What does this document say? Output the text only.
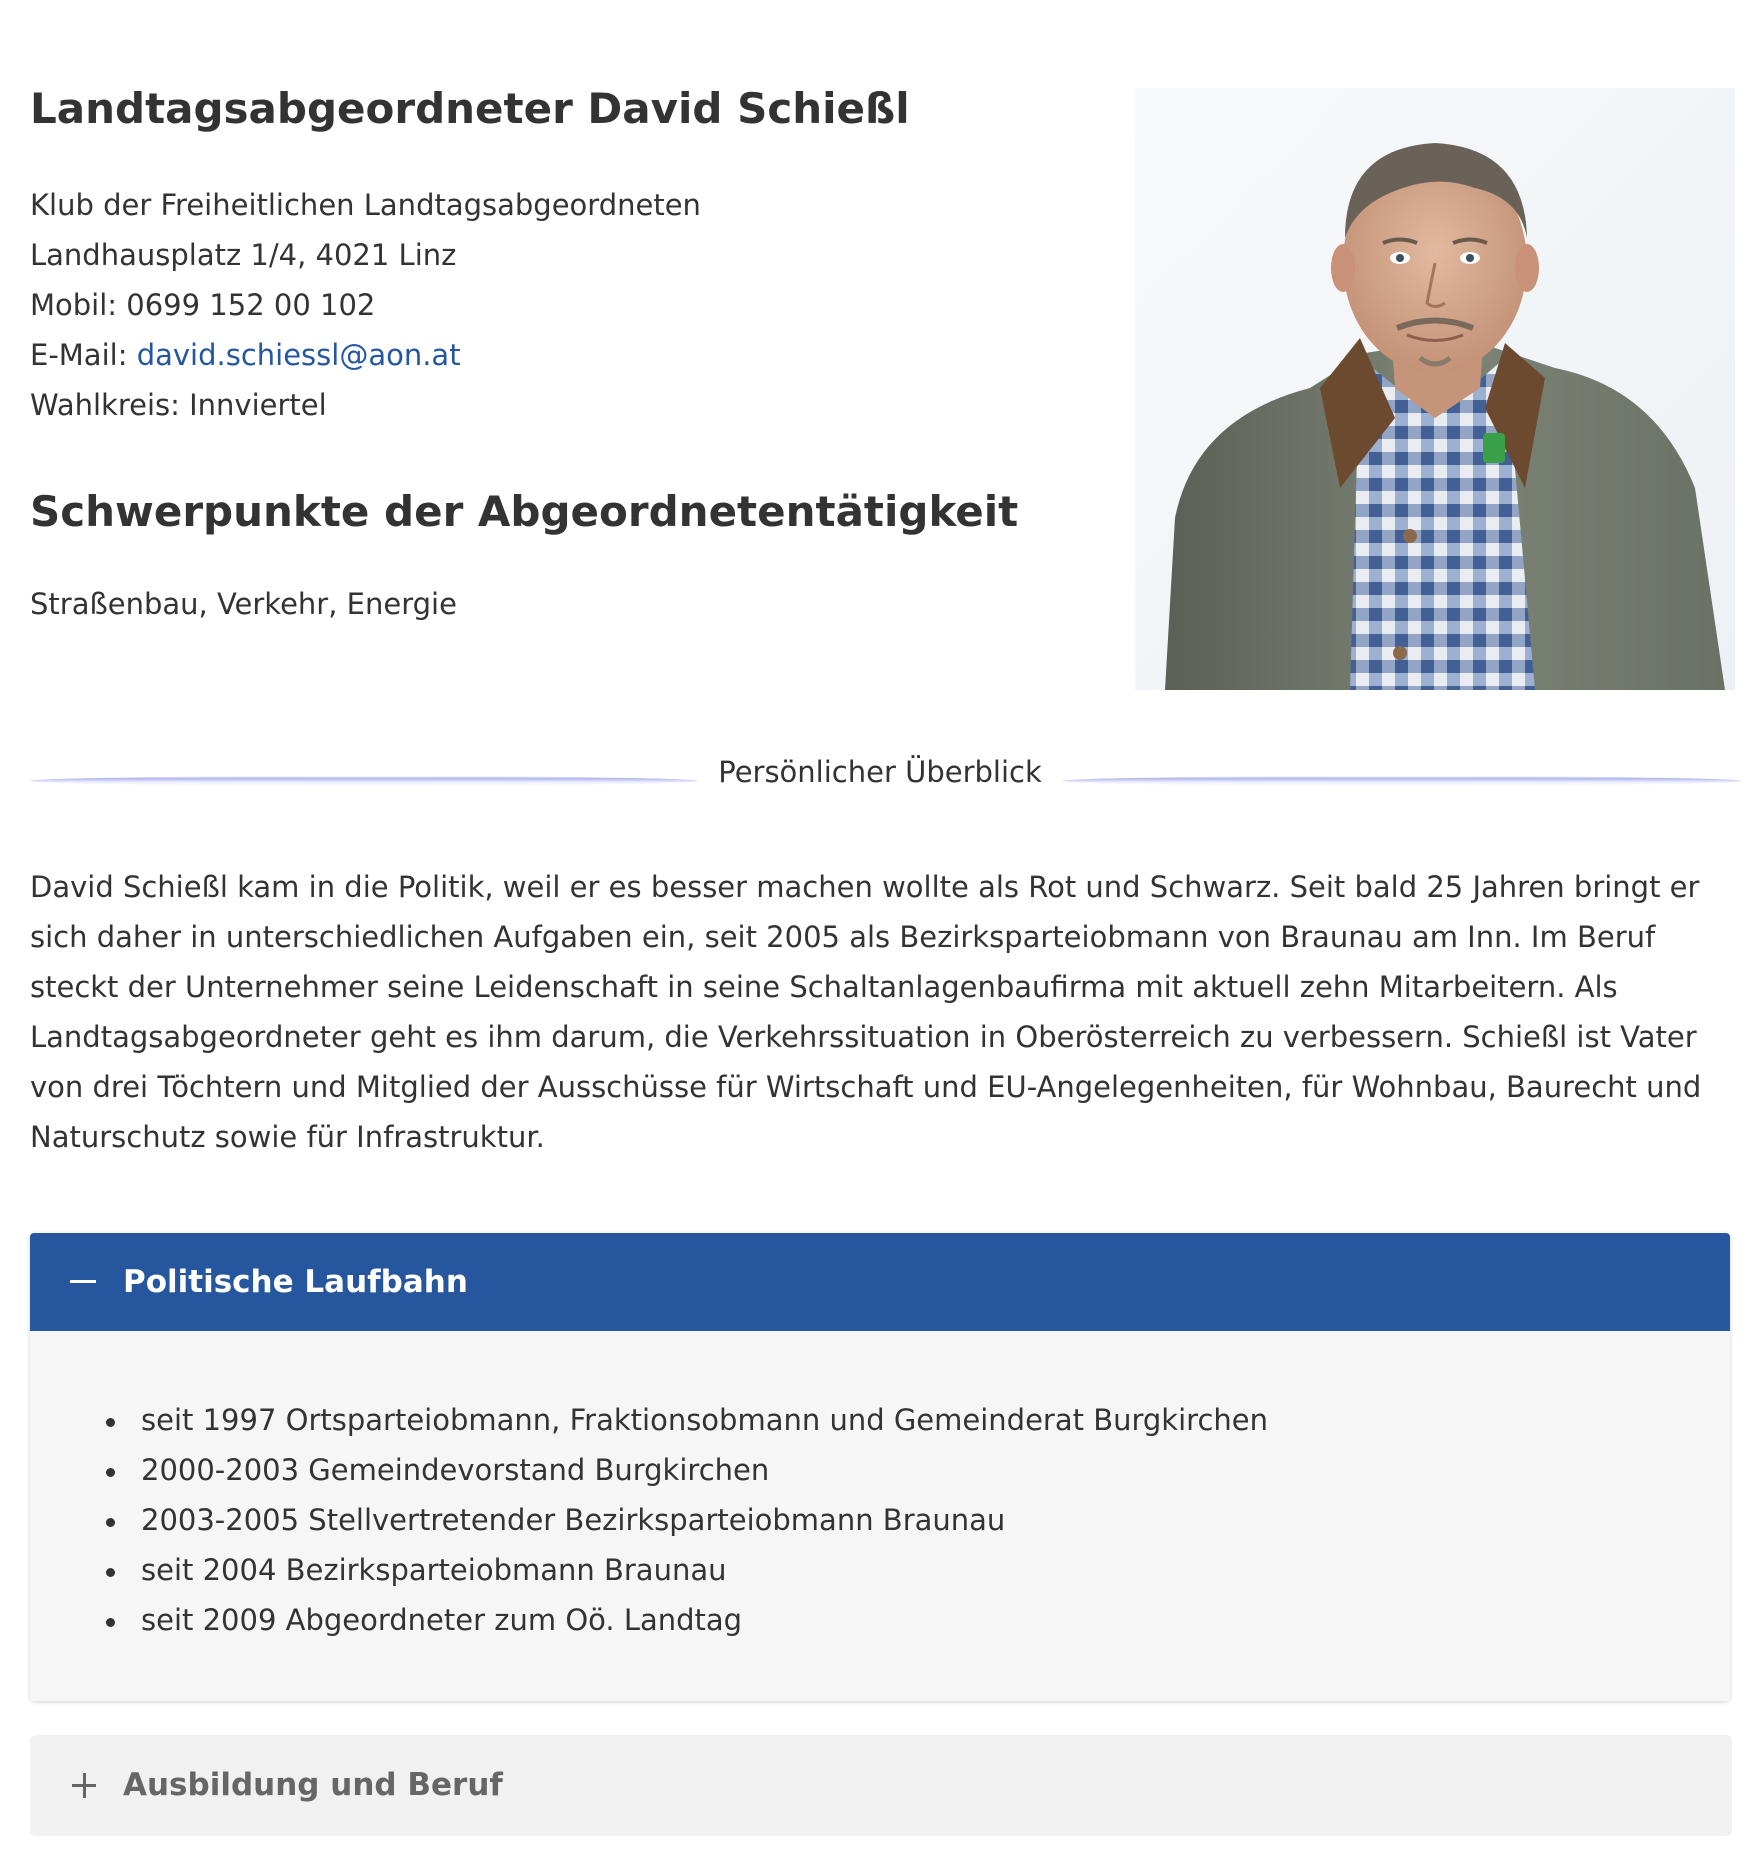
Landtagsabgeordneter David Schießl
Klub der Freiheitlichen Landtagsabgeordneten
Landhausplatz 1/4, 4021 Linz
Mobil: 0699 152 00 102
E-Mail: david.schiessl@aon.at
Wahlkreis: Innviertel
Schwerpunkte der Abgeordnetentätigkeit
Straßenbau, Verkehr, Energie
Persönlicher Überblick

David Schießl kam in die Politik, weil er es besser machen wollte als Rot und Schwarz. Seit bald 25 Jahren bringt er sich daher in unterschiedlichen Aufgaben ein, seit 2005 als Bezirksparteiobmann von Braunau am Inn. Im Beruf steckt der Unternehmer seine Leidenschaft in seine Schaltanlagenbaufirma mit aktuell zehn Mitarbeitern. Als Landtagsabgeordneter geht es ihm darum, die Verkehrssituation in Oberösterreich zu verbessern. Schießl ist Vater von drei Töchtern und Mitglied der Ausschüsse für Wirtschaft und EU-Angelegenheiten, für Wohnbau, Baurecht und Naturschutz sowie für Infrastruktur.

Politische Laufbahn
seit 1997 Ortsparteiobmann, Fraktionsobmann und Gemeinderat Burgkirchen
2000-2003 Gemeindevorstand Burgkirchen
2003-2005 Stellvertretender Bezirksparteiobmann Braunau
seit 2004 Bezirksparteiobmann Braunau
seit 2009 Abgeordneter zum Oö. Landtag
Ausbildung und Beruf
